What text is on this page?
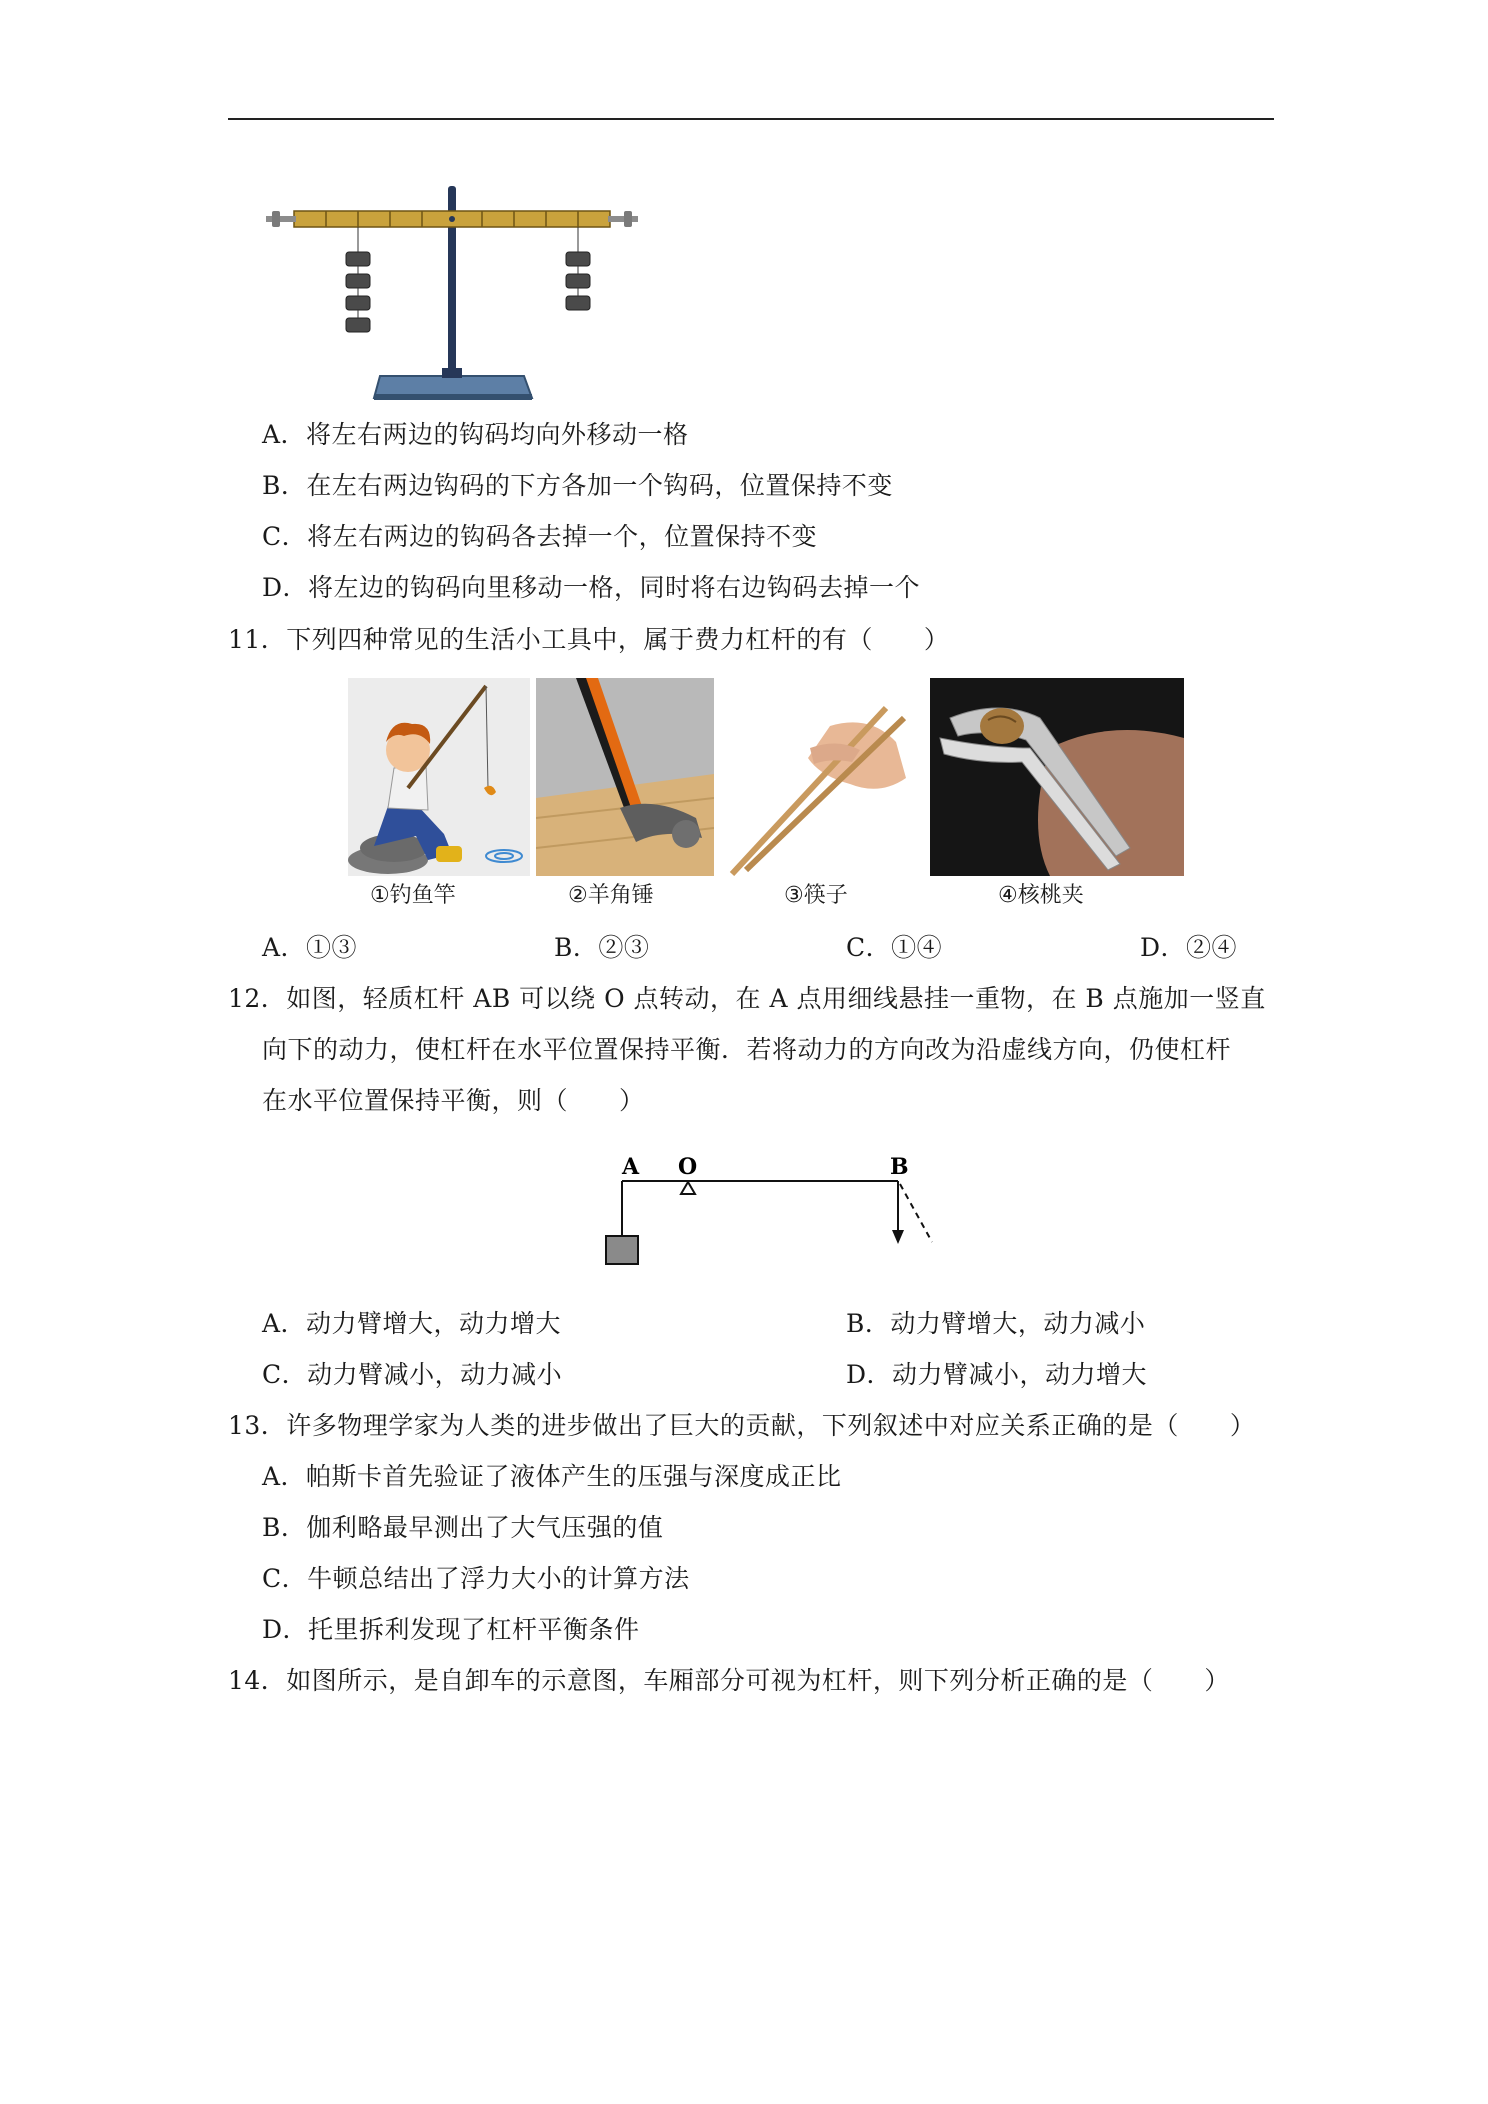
A．将左右两边的钩码均向外移动一格
B．在左右两边钩码的下方各加一个钩码，位置保持不变
C．将左右两边的钩码各去掉一个，位置保持不变
D．将左边的钩码向里移动一格，同时将右边钩码去掉一个
11．下列四种常见的生活小工具中，属于费力杠杆的有（　　）
①钓鱼竿	②羊角锤	③筷子	④核桃夹
A．①③	B．②③	C．①④	D．②④
12．如图，轻质杠杆 AB 可以绕 O 点转动，在 A 点用细线悬挂一重物，在 B 点施加一竖直
向下的动力，使杠杆在水平位置保持平衡．若将动力的方向改为沿虚线方向，仍使杠杆
在水平位置保持平衡，则（　　）
A O	B
A．动力臂增大，动力增大	B．动力臂增大，动力减小
C．动力臂减小，动力减小	D．动力臂减小，动力增大
13．许多物理学家为人类的进步做出了巨大的贡献，下列叙述中对应关系正确的是（　　）
A．帕斯卡首先验证了液体产生的压强与深度成正比
B．伽利略最早测出了大气压强的值
C．牛顿总结出了浮力大小的计算方法
D．托里拆利发现了杠杆平衡条件
14．如图所示，是自卸车的示意图，车厢部分可视为杠杆，则下列分析正确的是（　　）
